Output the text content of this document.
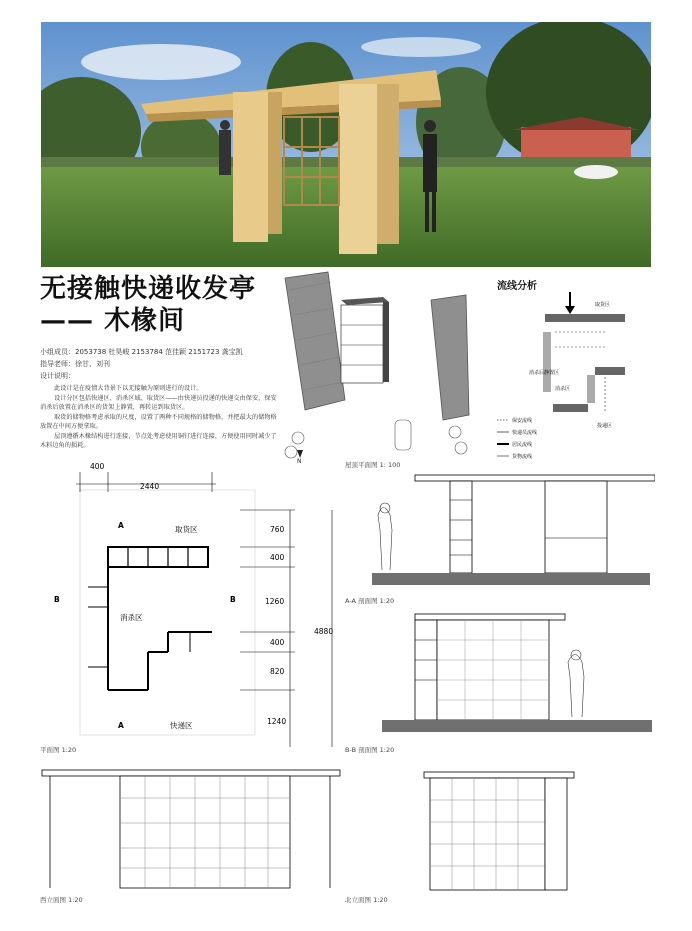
无接触快递收发亭
—— 木椽间
小组成员：2053738 杜昊峻 2153784 范佳颖 2151723 龚宝凯
指导老师：徐甘、刘刊
设计说明：
此设计是在疫情大背景下以无接触为原则进行的设计。
设计分区包括快递区、消杀区域、取货区——由快递员投递的快递交由保安，保安消杀后放置在消杀区的货架上静置，再转运到取货区。
取货的储物格考虑承取的尺度，设置了两种不同规格的储物格，并把最大的储物格放置在中间方便拿取。
屋顶遵循木椽结构进行连接，节点处考虑使用铜钉进行连接，方便使用同时减少了木料边角的损耗。
N	屋顶平面图 1: 100
流线分析
取货区
消杀区
消杀后静置区
投递区
保安流线
快递员流线
居民流线
货物流线
400
2440
A	取货区
消杀区
A	快递区
B	B
760
400
1260
400
820
1240
4880
平面图 1:20
A-A 剖面图 1:20
B-B 剖面图 1:20
西立面图 1:20	北立面图 1:20
